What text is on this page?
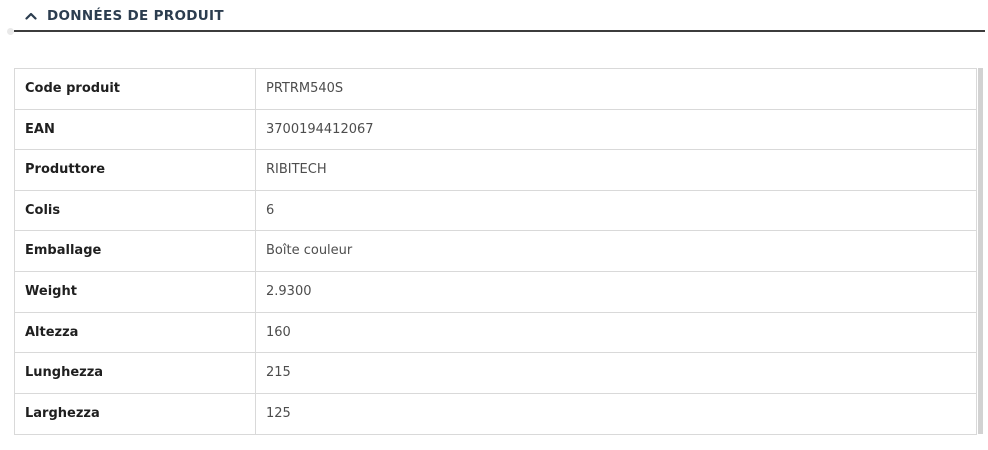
DONNÉES DE PRODUIT
Code produit	PRTRM540S
EAN	3700194412067
Produttore	RIBITECH
Colis	6
Emballage	Boîte couleur
Weight	2.9300
Altezza	160
Lunghezza	215
Larghezza	125
